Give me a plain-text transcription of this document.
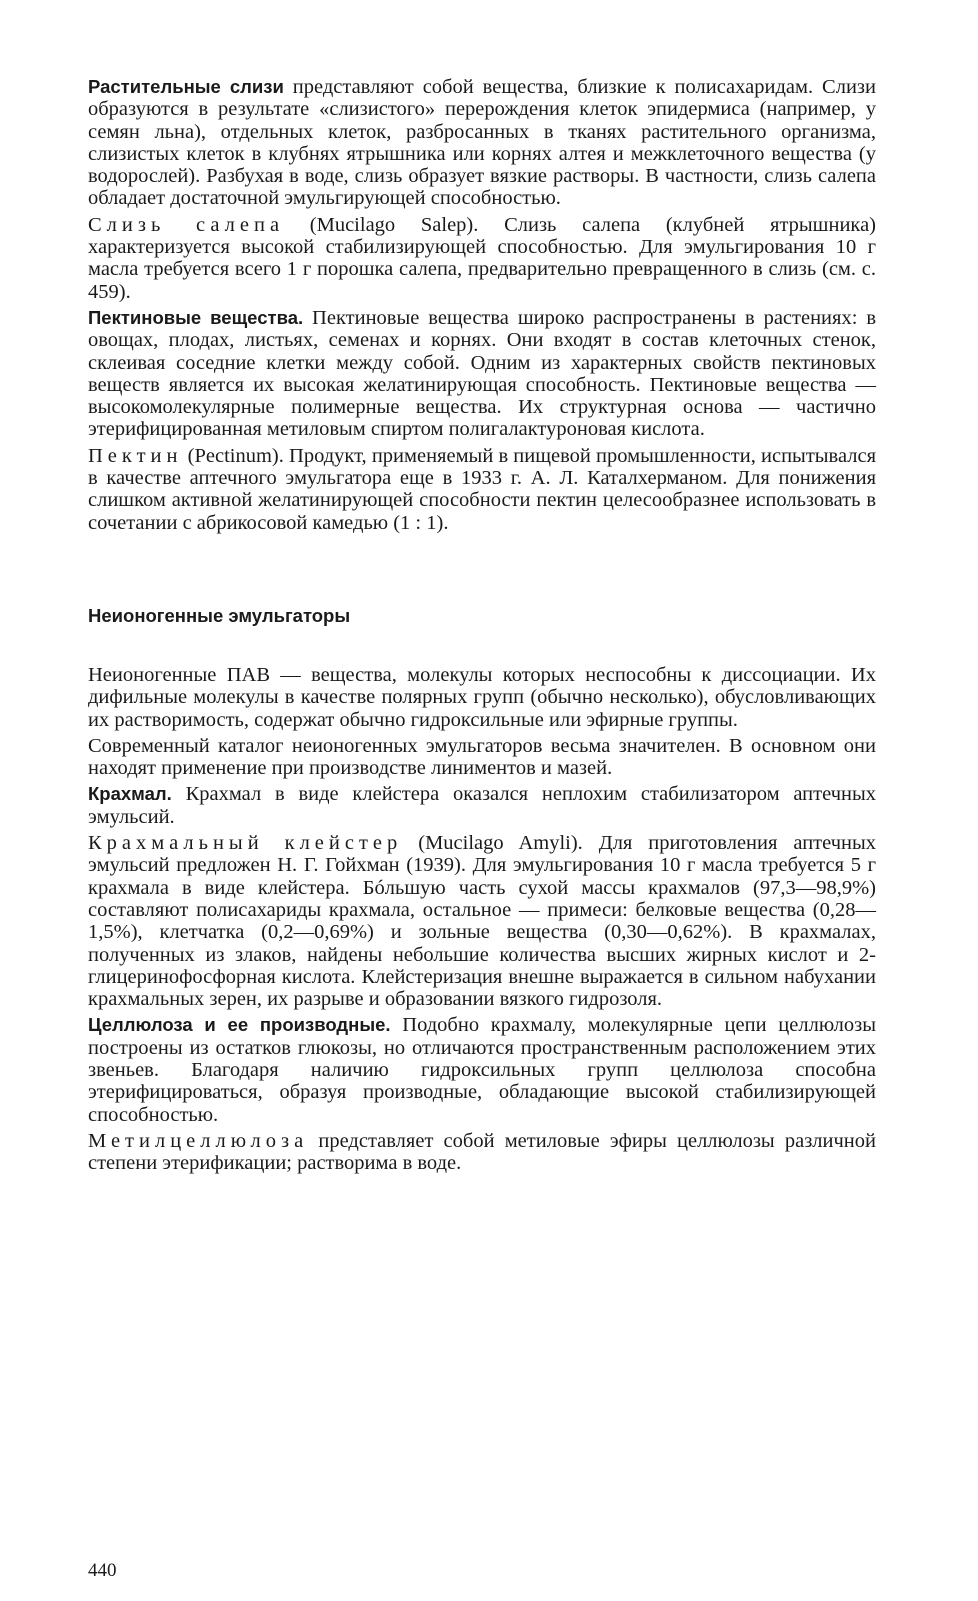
Растительные слизи представляют собой вещества, близкие к полисахаридам. Слизи образуются в результате «слизистого» перерождения клеток эпидермиса (например, у семян льна), отдельных клеток, разбросанных в тканях растительного организма, слизистых клеток в клубнях ятрышника или корнях алтея и межклеточного вещества (у водорослей). Разбухая в воде, слизь образует вязкие растворы. В частности, слизь салепа обладает достаточной эмульгирующей способностью.

Слизь салепа (Mucilago Salep). Слизь салепа (клубней ятрышника) характеризуется высокой стабилизирующей способностью. Для эмульгирования 10 г масла требуется всего 1 г порошка салепа, предварительно превращенного в слизь (см. с. 459).

Пектиновые вещества. Пектиновые вещества широко распространены в растениях: в овощах, плодах, листьях, семенах и корнях. Они входят в состав клеточных стенок, склеивая соседние клетки между собой. Одним из характерных свойств пектиновых веществ является их высокая желатинирующая способность. Пектиновые вещества — высокомолекулярные полимерные вещества. Их структурная основа — частично этерифицированная метиловым спиртом полигалактуроновая кислота.

Пектин (Pectinum). Продукт, применяемый в пищевой промышленности, испытывался в качестве аптечного эмульгатора еще в 1933 г. А. Л. Каталхерманом. Для понижения слишком активной желатинирующей способности пектин целесообразнее использовать в сочетании с абрикосовой камедью (1 : 1).

Неионогенные эмульгаторы

Неионогенные ПАВ — вещества, молекулы которых неспособны к диссоциации. Их дифильные молекулы в качестве полярных групп (обычно несколько), обусловливающих их растворимость, содержат обычно гидроксильные или эфирные группы.

Современный каталог неионогенных эмульгаторов весьма значителен. В основном они находят применение при производстве линиментов и мазей.

Крахмал. Крахмал в виде клейстера оказался неплохим стабилизатором аптечных эмульсий.

Крахмальный клейстер (Mucilago Amyli). Для приготовления аптечных эмульсий предложен Н. Г. Гойхман (1939). Для эмульгирования 10 г масла требуется 5 г крахмала в виде клейстера. Бóльшую часть сухой массы крахмалов (97,3—98,9%) составляют полисахариды крахмала, остальное — примеси: белковые вещества (0,28—1,5%), клетчатка (0,2—0,69%) и зольные вещества (0,30—0,62%). В крахмалах, полученных из злаков, найдены небольшие количества высших жирных кислот и 2-глицеринофосфорная кислота. Клейстеризация внешне выражается в сильном набухании крахмальных зерен, их разрыве и образовании вязкого гидрозоля.

Целлюлоза и ее производные. Подобно крахмалу, молекулярные цепи целлюлозы построены из остатков глюкозы, но отличаются пространственным расположением этих звеньев. Благодаря наличию гидроксильных групп целлюлоза способна этерифицироваться, образуя производные, обладающие высокой стабилизирующей способностью.

Метилцеллюлоза представляет собой метиловые эфиры целлюлозы различной степени этерификации; растворима в воде.

440
